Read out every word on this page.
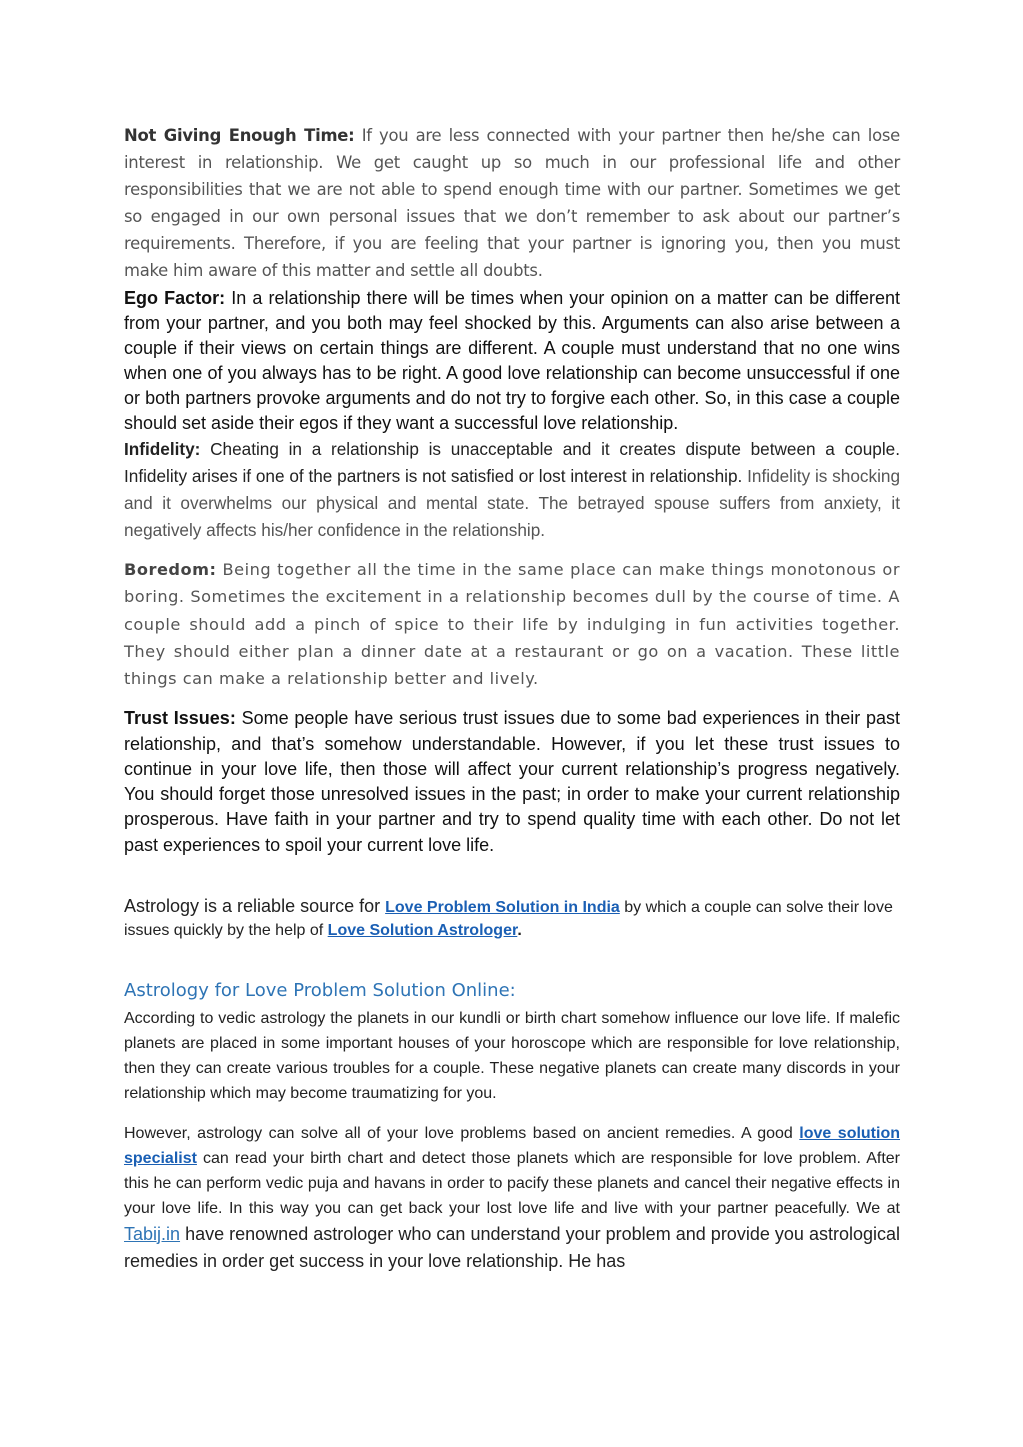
Not Giving Enough Time: If you are less connected with your partner then he/she can lose interest in relationship. We get caught up so much in our professional life and other responsibilities that we are not able to spend enough time with our partner. Sometimes we get so engaged in our own personal issues that we don’t remember to ask about our partner’s requirements. Therefore, if you are feeling that your partner is ignoring you, then you must make him aware of this matter and settle all doubts.

Ego Factor: In a relationship there will be times when your opinion on a matter can be different from your partner, and you both may feel shocked by this. Arguments can also arise between a couple if their views on certain things are different. A couple must understand that no one wins when one of you always has to be right. A good love relationship can become unsuccessful if one or both partners provoke arguments and do not try to forgive each other. So, in this case a couple should set aside their egos if they want a successful love relationship.

Infidelity: Cheating in a relationship is unacceptable and it creates dispute between a couple. Infidelity arises if one of the partners is not satisfied or lost interest in relationship. Infidelity is shocking and it overwhelms our physical and mental state. The betrayed spouse suffers from anxiety, it negatively affects his/her confidence in the relationship.

Boredom: Being together all the time in the same place can make things monotonous or boring. Sometimes the excitement in a relationship becomes dull by the course of time. A couple should add a pinch of spice to their life by indulging in fun activities together. They should either plan a dinner date at a restaurant or go on a vacation. These little things can make a relationship better and lively.

Trust Issues: Some people have serious trust issues due to some bad experiences in their past relationship, and that’s somehow understandable. However, if you let these trust issues to continue in your love life, then those will affect your current relationship’s progress negatively. You should forget those unresolved issues in the past; in order to make your current relationship prosperous. Have faith in your partner and try to spend quality time with each other. Do not let past experiences to spoil your current love life.

Astrology is a reliable source for Love Problem Solution in India by which a couple can solve their love issues quickly by the help of Love Solution Astrologer.

Astrology for Love Problem Solution Online:

According to vedic astrology the planets in our kundli or birth chart somehow influence our love life. If malefic planets are placed in some important houses of your horoscope which are responsible for love relationship, then they can create various troubles for a couple. These negative planets can create many discords in your relationship which may become traumatizing for you.

However, astrology can solve all of your love problems based on ancient remedies. A good love solution specialist can read your birth chart and detect those planets which are responsible for love problem. After this he can perform vedic puja and havans in order to pacify these planets and cancel their negative effects in your love life. In this way you can get back your lost love life and live with your partner peacefully. We at Tabij.in have renowned astrologer who can understand your problem and provide you astrological remedies in order get success in your love relationship. He has
